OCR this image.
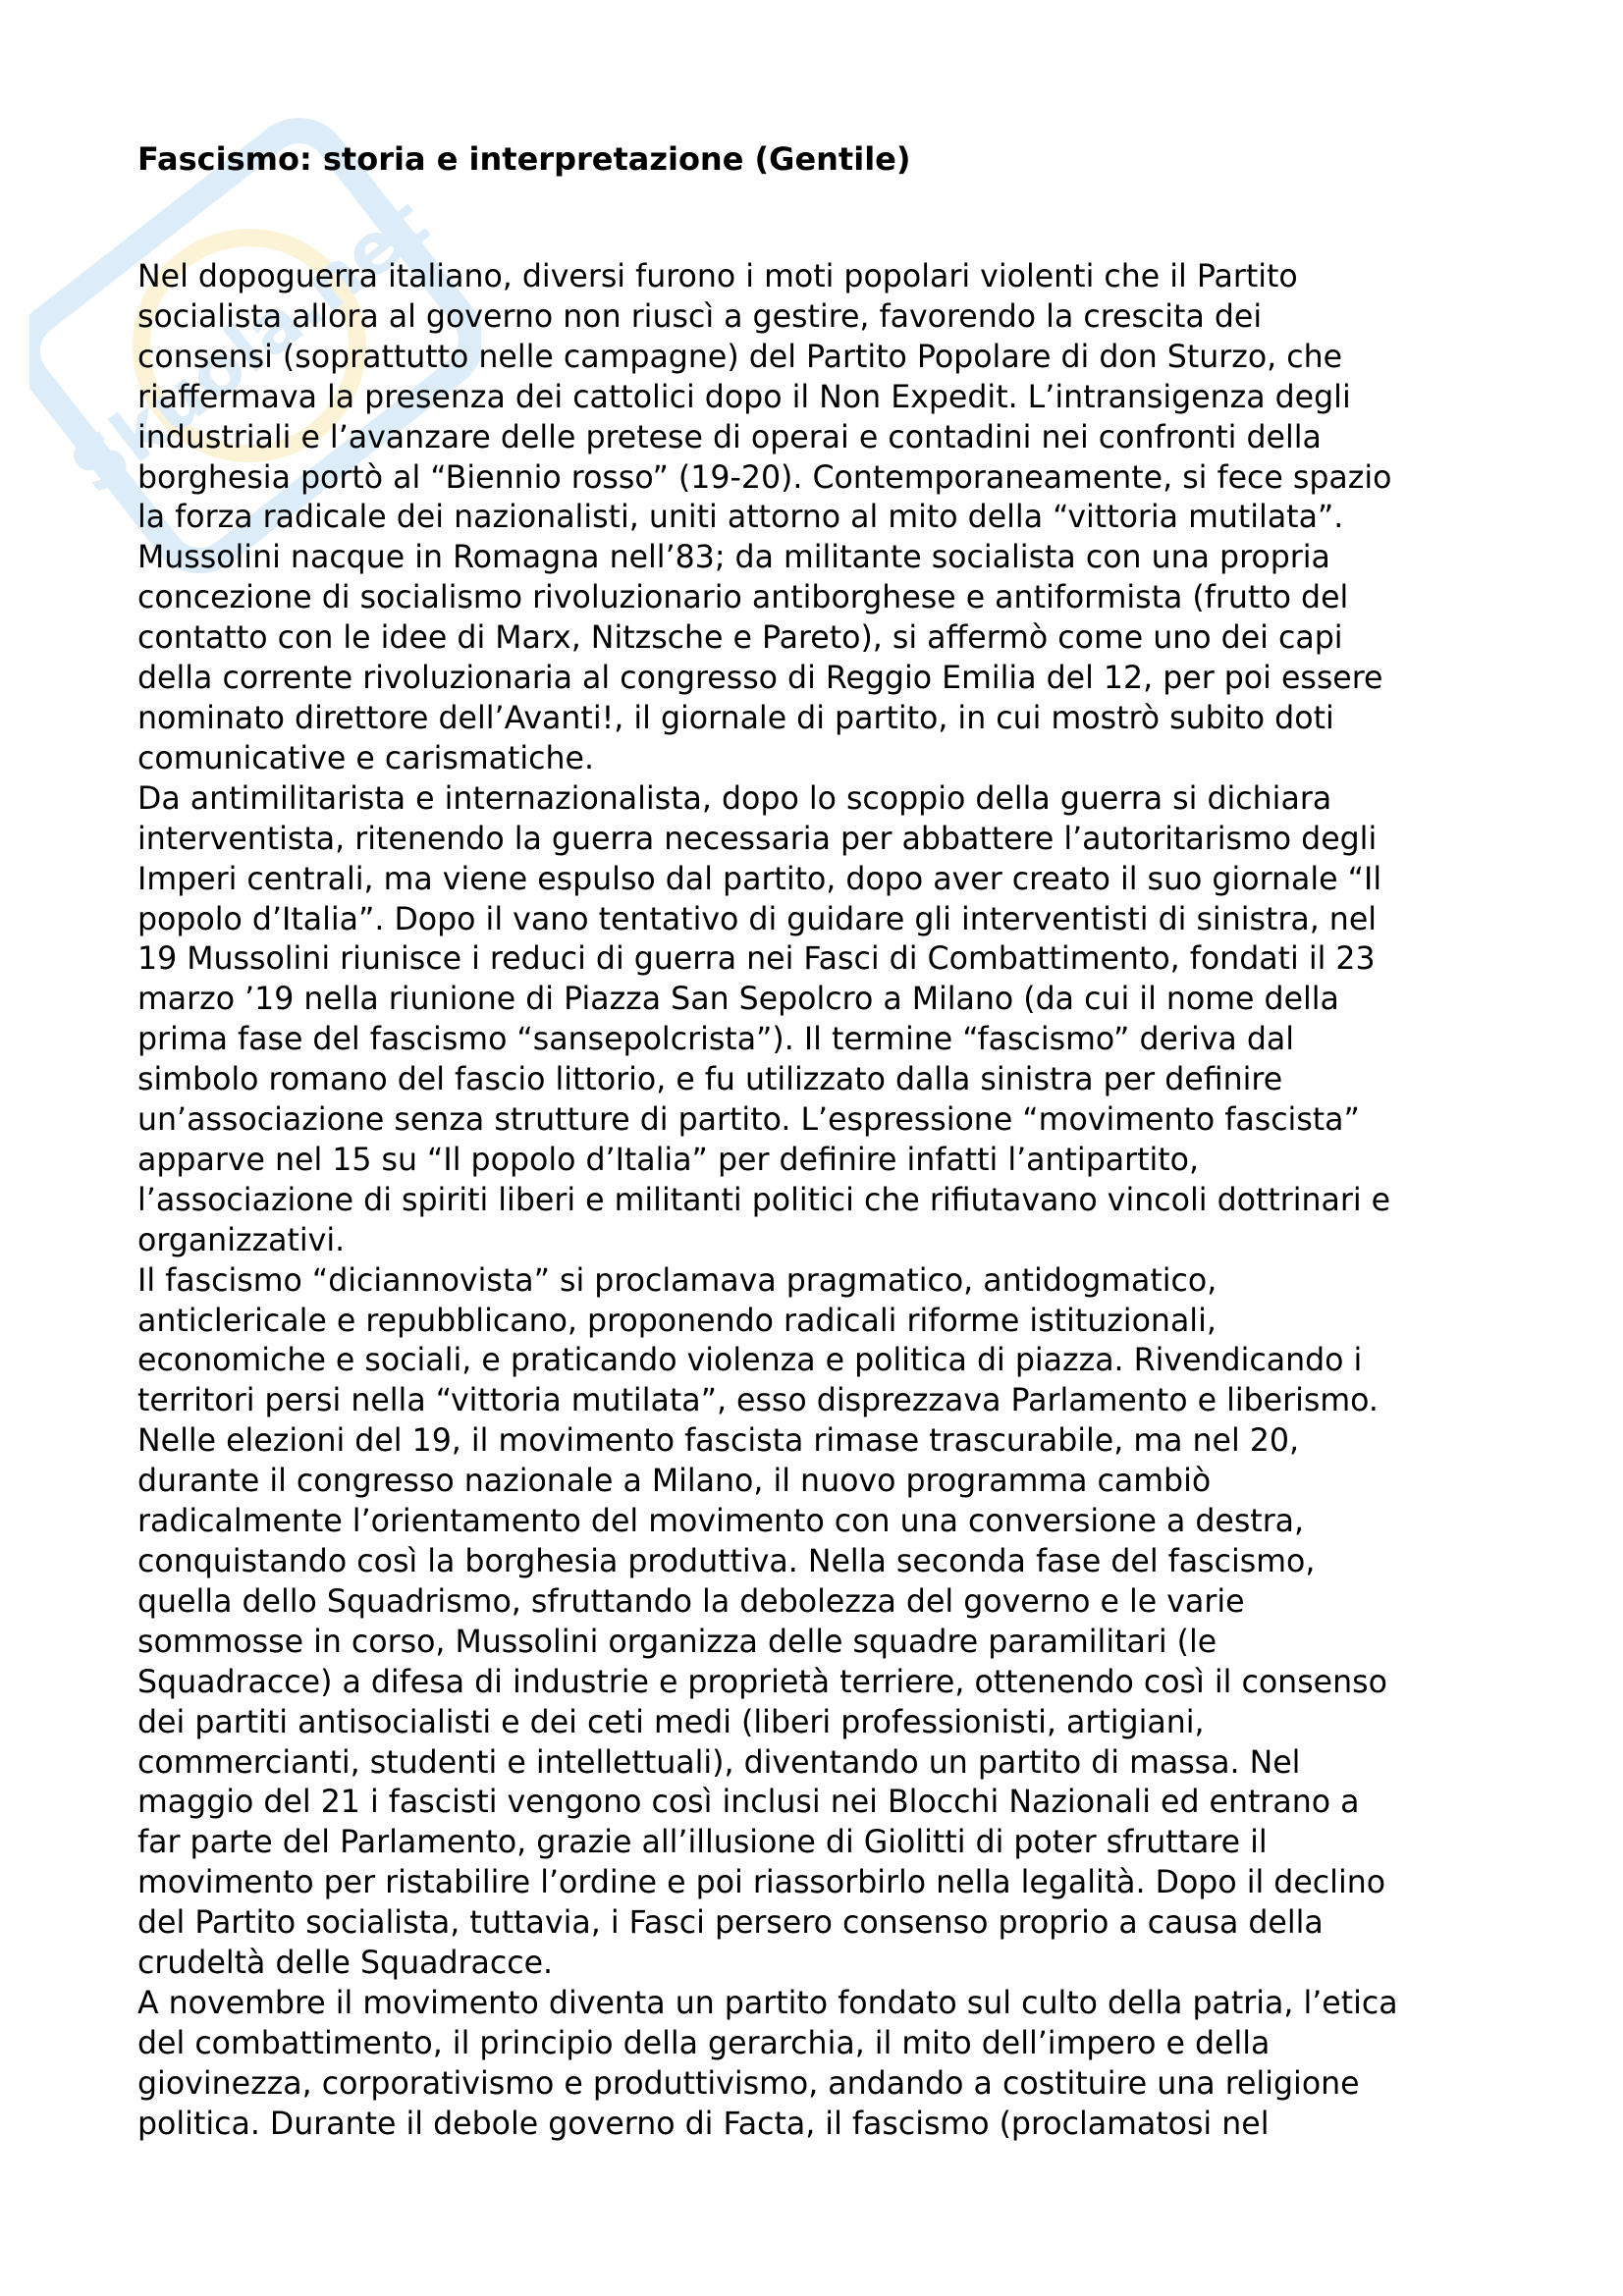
Skuola.net
Fascismo: storia e interpretazione (Gentile)
Nel dopoguerra italiano, diversi furono i moti popolari violenti che il Partito
socialista allora al governo non riuscì a gestire, favorendo la crescita dei
consensi (soprattutto nelle campagne) del Partito Popolare di don Sturzo, che
riaffermava la presenza dei cattolici dopo il Non Expedit. L’intransigenza degli
industriali e l’avanzare delle pretese di operai e contadini nei confronti della
borghesia portò al “Biennio rosso” (19-20). Contemporaneamente, si fece spazio
la forza radicale dei nazionalisti, uniti attorno al mito della “vittoria mutilata”.
Mussolini nacque in Romagna nell’83; da militante socialista con una propria
concezione di socialismo rivoluzionario antiborghese e antiformista (frutto del
contatto con le idee di Marx, Nitzsche e Pareto), si affermò come uno dei capi
della corrente rivoluzionaria al congresso di Reggio Emilia del 12, per poi essere
nominato direttore dell’Avanti!, il giornale di partito, in cui mostrò subito doti
comunicative e carismatiche.
Da antimilitarista e internazionalista, dopo lo scoppio della guerra si dichiara
interventista, ritenendo la guerra necessaria per abbattere l’autoritarismo degli
Imperi centrali, ma viene espulso dal partito, dopo aver creato il suo giornale “Il
popolo d’Italia”. Dopo il vano tentativo di guidare gli interventisti di sinistra, nel
19 Mussolini riunisce i reduci di guerra nei Fasci di Combattimento, fondati il 23
marzo ’19 nella riunione di Piazza San Sepolcro a Milano (da cui il nome della
prima fase del fascismo “sansepolcrista”). Il termine “fascismo” deriva dal
simbolo romano del fascio littorio, e fu utilizzato dalla sinistra per definire
un’associazione senza strutture di partito. L’espressione “movimento fascista”
apparve nel 15 su “Il popolo d’Italia” per definire infatti l’antipartito,
l’associazione di spiriti liberi e militanti politici che rifiutavano vincoli dottrinari e
organizzativi.
Il fascismo “diciannovista” si proclamava pragmatico, antidogmatico,
anticlericale e repubblicano, proponendo radicali riforme istituzionali,
economiche e sociali, e praticando violenza e politica di piazza. Rivendicando i
territori persi nella “vittoria mutilata”, esso disprezzava Parlamento e liberismo.
Nelle elezioni del 19, il movimento fascista rimase trascurabile, ma nel 20,
durante il congresso nazionale a Milano, il nuovo programma cambiò
radicalmente l’orientamento del movimento con una conversione a destra,
conquistando così la borghesia produttiva. Nella seconda fase del fascismo,
quella dello Squadrismo, sfruttando la debolezza del governo e le varie
sommosse in corso, Mussolini organizza delle squadre paramilitari (le
Squadracce) a difesa di industrie e proprietà terriere, ottenendo così il consenso
dei partiti antisocialisti e dei ceti medi (liberi professionisti, artigiani,
commercianti, studenti e intellettuali), diventando un partito di massa. Nel
maggio del 21 i fascisti vengono così inclusi nei Blocchi Nazionali ed entrano a
far parte del Parlamento, grazie all’illusione di Giolitti di poter sfruttare il
movimento per ristabilire l’ordine e poi riassorbirlo nella legalità. Dopo il declino
del Partito socialista, tuttavia, i Fasci persero consenso proprio a causa della
crudeltà delle Squadracce.
A novembre il movimento diventa un partito fondato sul culto della patria, l’etica
del combattimento, il principio della gerarchia, il mito dell’impero e della
giovinezza, corporativismo e produttivismo, andando a costituire una religione
politica. Durante il debole governo di Facta, il fascismo (proclamatosi nel
